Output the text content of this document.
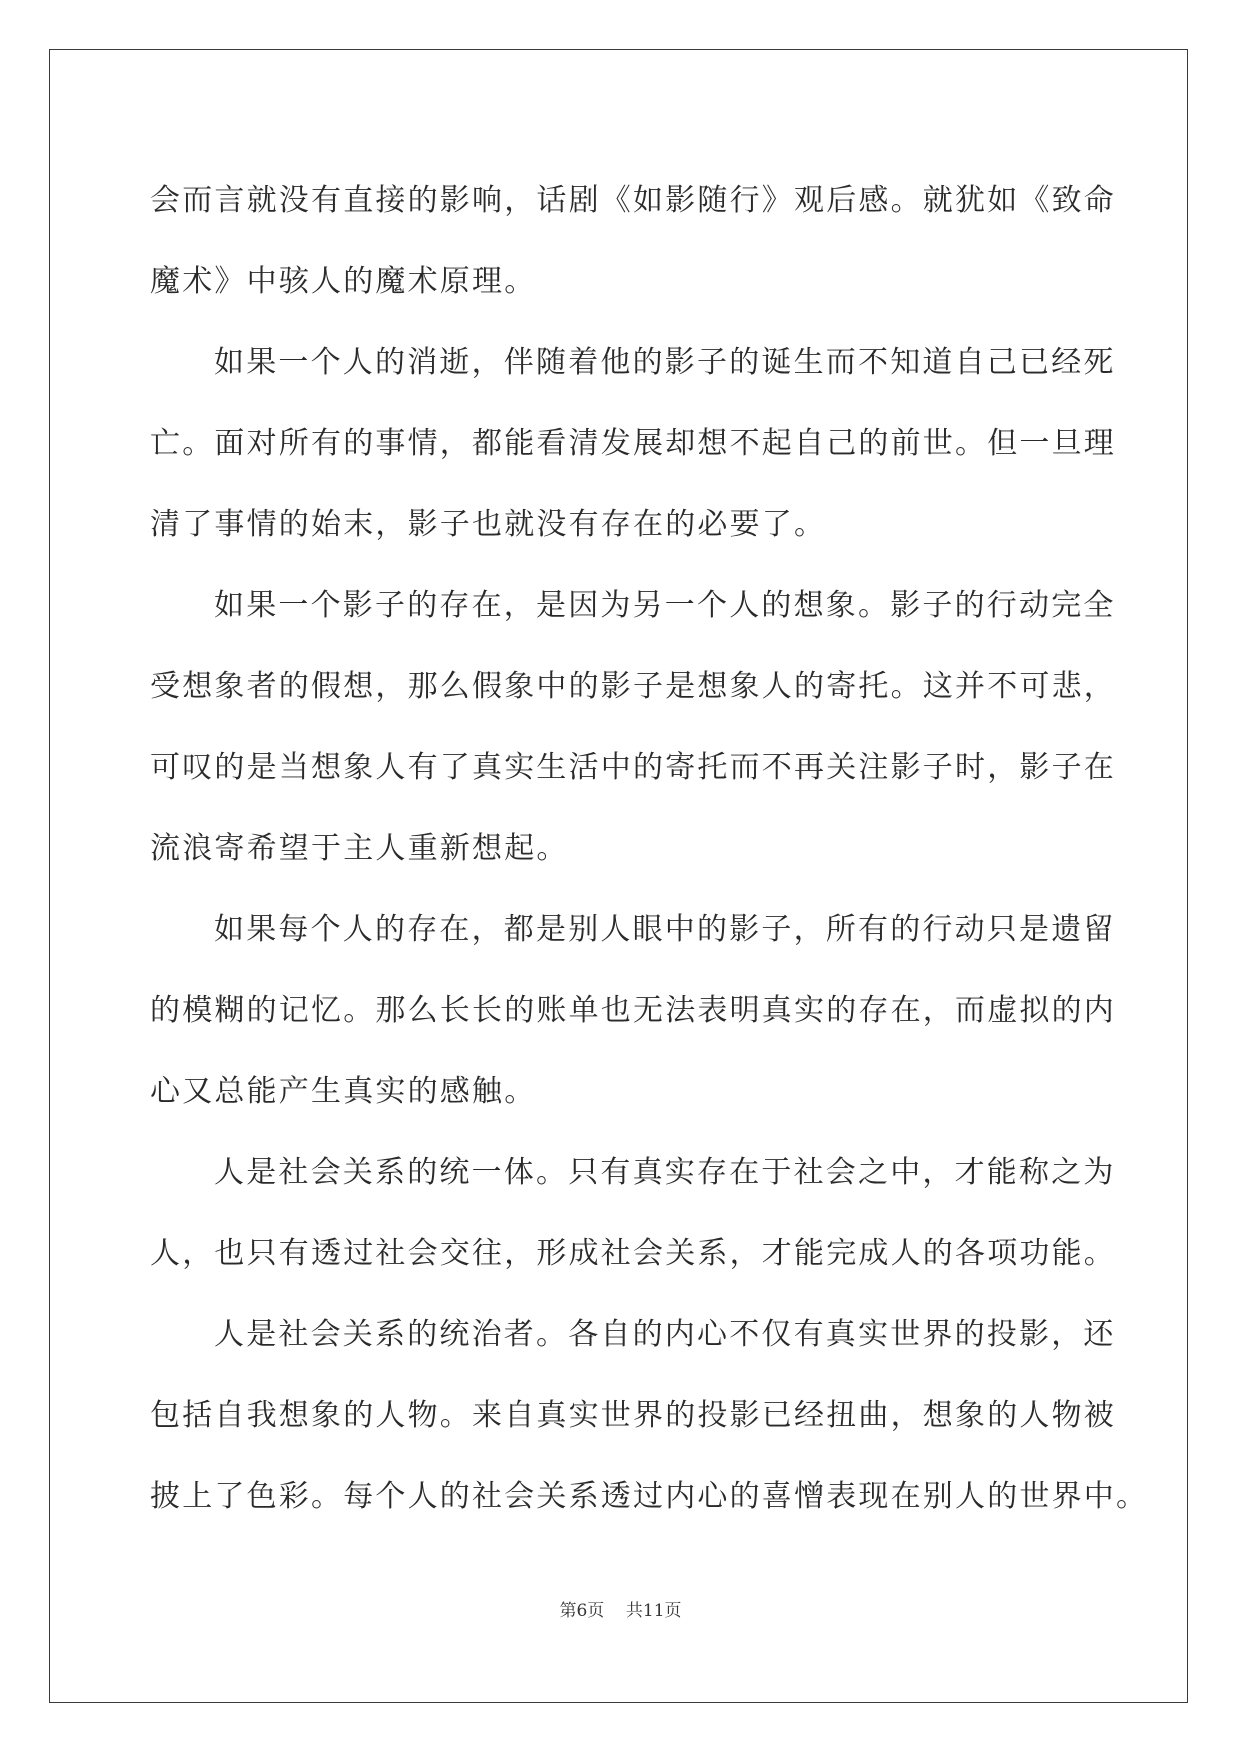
会而言就没有直接的影响，话剧《如影随行》观后感。就犹如《致命
魔术》中骇人的魔术原理。

如果一个人的消逝，伴随着他的影子的诞生而不知道自己已经死
亡。面对所有的事情，都能看清发展却想不起自己的前世。但一旦理
清了事情的始末，影子也就没有存在的必要了。

如果一个影子的存在，是因为另一个人的想象。影子的行动完全
受想象者的假想，那么假象中的影子是想象人的寄托。这并不可悲，
可叹的是当想象人有了真实生活中的寄托而不再关注影子时，影子在
流浪寄希望于主人重新想起。

如果每个人的存在，都是别人眼中的影子，所有的行动只是遗留
的模糊的记忆。那么长长的账单也无法表明真实的存在，而虚拟的内
心又总能产生真实的感触。

人是社会关系的统一体。只有真实存在于社会之中，才能称之为
人，也只有透过社会交往，形成社会关系，才能完成人的各项功能。

人是社会关系的统治者。各自的内心不仅有真实世界的投影，还
包括自我想象的人物。来自真实世界的投影已经扭曲，想象的人物被
披上了色彩。每个人的社会关系透过内心的喜憎表现在别人的世界中。

第6页 共11页
